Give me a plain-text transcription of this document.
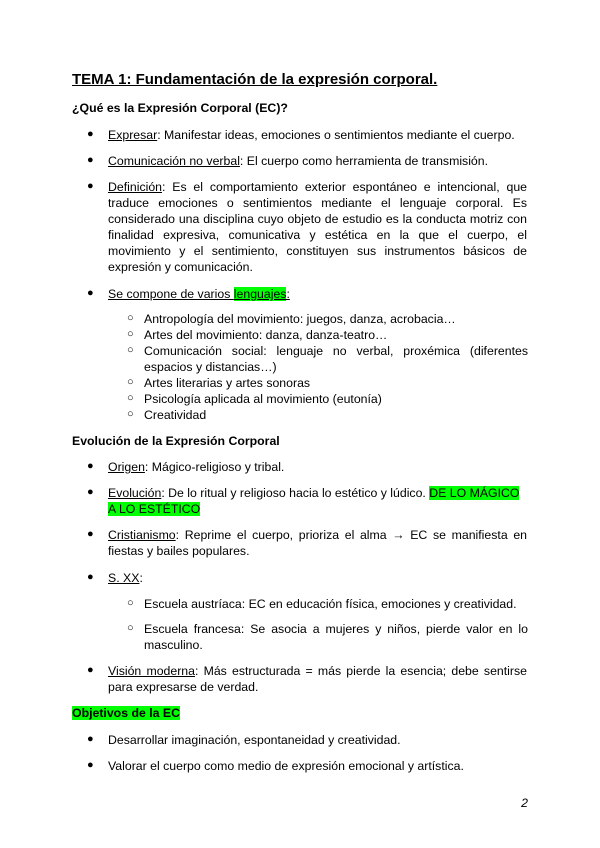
TEMA 1: Fundamentación de la expresión corporal.
¿Qué es la Expresión Corporal (EC)?
● Expresar: Manifestar ideas, emociones o sentimientos mediante el cuerpo.
● Comunicación no verbal: El cuerpo como herramienta de transmisión.
● Definición: Es el comportamiento exterior espontáneo e intencional, que traduce emociones o sentimientos mediante el lenguaje corporal. Es considerado una disciplina cuyo objeto de estudio es la conducta motriz con finalidad expresiva, comunicativa y estética en la que el cuerpo, el movimiento y el sentimiento, constituyen sus instrumentos básicos de expresión y comunicación.
● Se compone de varios lenguajes:
○ Antropología del movimiento: juegos, danza, acrobacia…
○ Artes del movimiento: danza, danza-teatro…
○ Comunicación social: lenguaje no verbal, proxémica (diferentes espacios y distancias…)
○ Artes literarias y artes sonoras
○ Psicología aplicada al movimiento (eutonía)
○ Creatividad
Evolución de la Expresión Corporal
● Origen: Mágico-religioso y tribal.
● Evolución: De lo ritual y religioso hacia lo estético y lúdico. DE LO MÁGICO A LO ESTÉTICO
● Cristianismo: Reprime el cuerpo, prioriza el alma → EC se manifiesta en fiestas y bailes populares.
● S. XX:
○ Escuela austríaca: EC en educación física, emociones y creatividad.
○ Escuela francesa: Se asocia a mujeres y niños, pierde valor en lo masculino.
● Visión moderna: Más estructurada = más pierde la esencia; debe sentirse para expresarse de verdad.
Objetivos de la EC
● Desarrollar imaginación, espontaneidad y creatividad.
● Valorar el cuerpo como medio de expresión emocional y artística.
2
